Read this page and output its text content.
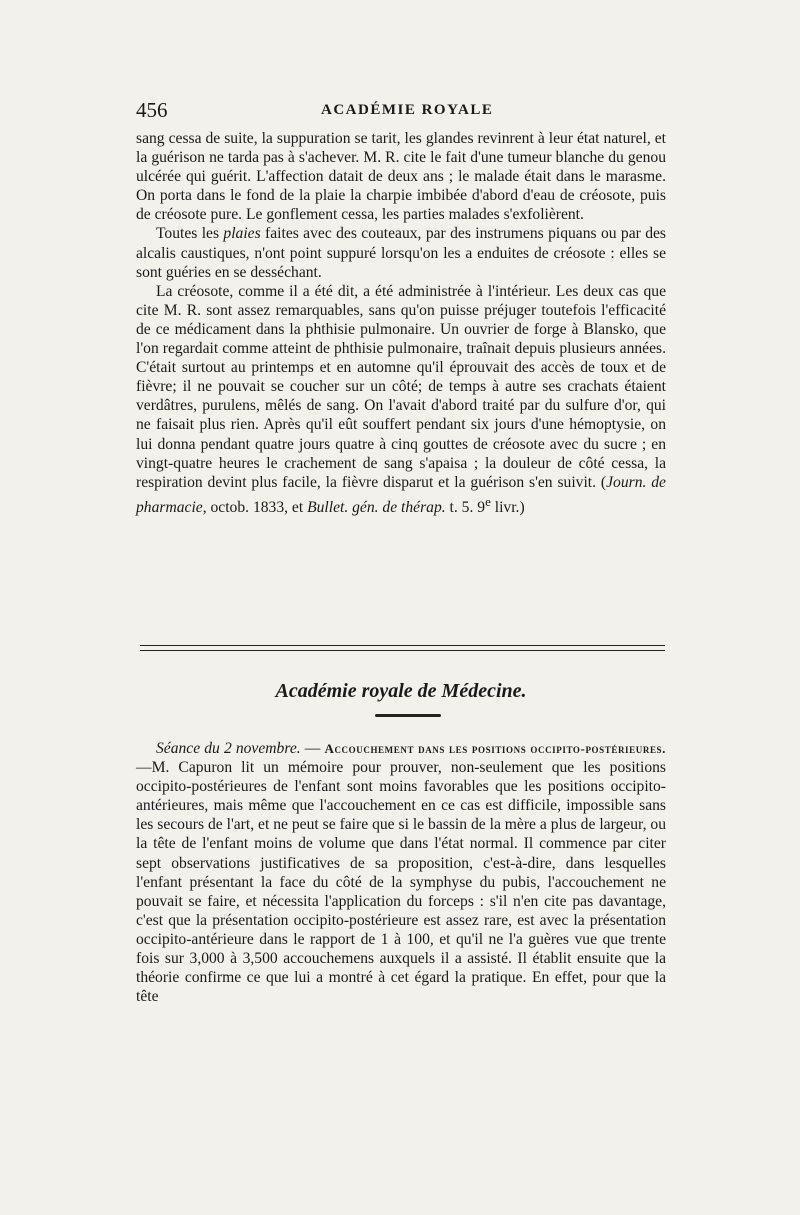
456	ACADÉMIE ROYALE

sang cessa de suite, la suppuration se tarit, les glandes revinrent à leur état naturel, et la guérison ne tarda pas à s'achever. M. R. cite le fait d'une tumeur blanche du genou ulcérée qui guérit. L'affection datait de deux ans ; le malade était dans le marasme. On porta dans le fond de la plaie la charpie imbibée d'abord d'eau de créosote, puis de créosote pure. Le gonflement cessa, les parties malades s'exfolièrent.

Toutes les plaies faites avec des couteaux, par des instrumens piquans ou par des alcalis caustiques, n'ont point suppuré lorsqu'on les a enduites de créosote : elles se sont guéries en se desséchant.

La créosote, comme il a été dit, a été administrée à l'intérieur. Les deux cas que cite M. R. sont assez remarquables, sans qu'on puisse préjuger toutefois l'efficacité de ce médicament dans la phthisie pulmonaire. Un ouvrier de forge à Blansko, que l'on regardait comme atteint de phthisie pulmonaire, traînait depuis plusieurs années. C'était surtout au printemps et en automne qu'il éprouvait des accès de toux et de fièvre; il ne pouvait se coucher sur un côté; de temps à autre ses crachats étaient verdâtres, purulens, mêlés de sang. On l'avait d'abord traité par du sulfure d'or, qui ne faisait plus rien. Après qu'il eût souffert pendant six jours d'une hémoptysie, on lui donna pendant quatre jours quatre à cinq gouttes de créosote avec du sucre ; en vingt-quatre heures le crachement de sang s'apaisa ; la douleur de côté cessa, la respiration devint plus facile, la fièvre disparut et la guérison s'en suivit. (Journ. de pharmacie, octob. 1833, et Bullet. gén. de thérap. t. 5. 9e livr.)

Académie royale de Médecine.

Séance du 2 novembre. — Accouchement dans les positions occipito-postérieures. —M. Capuron lit un mémoire pour prouver, non-seulement que les positions occipito-postérieures de l'enfant sont moins favorables que les positions occipito-antérieures, mais même que l'accouchement en ce cas est difficile, impossible sans les secours de l'art, et ne peut se faire que si le bassin de la mère a plus de largeur, ou la tête de l'enfant moins de volume que dans l'état normal. Il commence par citer sept observations justificatives de sa proposition, c'est-à-dire, dans lesquelles l'enfant présentant la face du côté de la symphyse du pubis, l'accouchement ne pouvait se faire, et nécessita l'application du forceps : s'il n'en cite pas davantage, c'est que la présentation occipito-postérieure est assez rare, est avec la présentation occipito-antérieure dans le rapport de 1 à 100, et qu'il ne l'a guères vue que trente fois sur 3,000 à 3,500 accouchemens auxquels il a assisté. Il établit ensuite que la théorie confirme ce que lui a montré à cet égard la pratique. En effet, pour que la tête
